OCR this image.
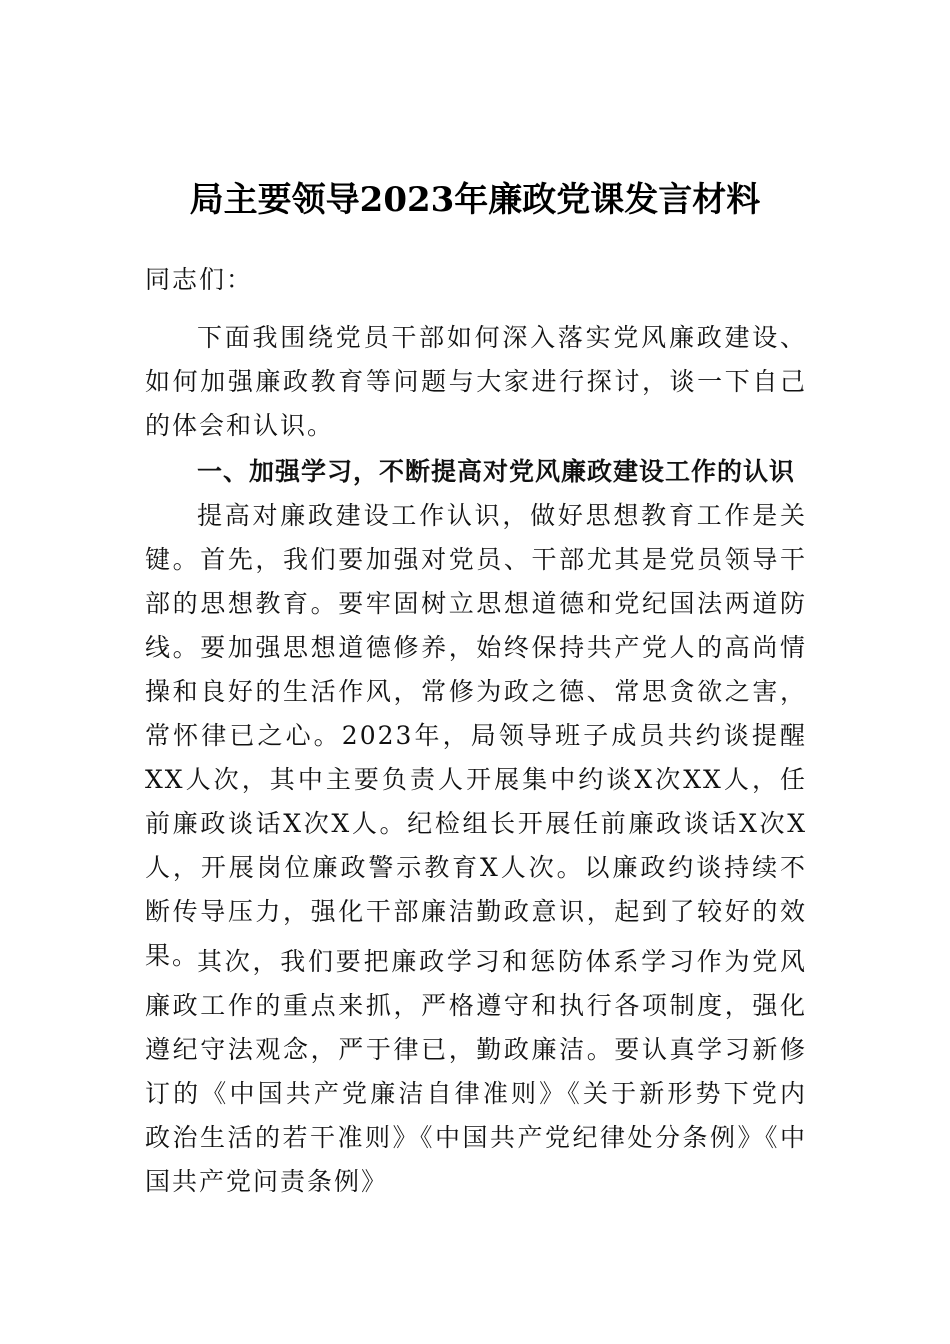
局主要领导2023年廉政党课发言材料
同志们：
下面我围绕党员干部如何深入落实党风廉政建设、如何加强廉政教育等问题与大家进行探讨，谈一下自己的体会和认识。
一、加强学习，不断提高对党风廉政建设工作的认识
提高对廉政建设工作认识，做好思想教育工作是关键。首先，我们要加强对党员、干部尤其是党员领导干部的思想教育。要牢固树立思想道德和党纪国法两道防线。要加强思想道德修养，始终保持共产党人的高尚情操和良好的生活作风，常修为政之德、常思贪欲之害，常怀律已之心。2023年，局领导班子成员共约谈提醒XX人次，其中主要负责人开展集中约谈X次XX人，任前廉政谈话X次X人。纪检组长开展任前廉政谈话X次X人，开展岗位廉政警示教育X人次。以廉政约谈持续不断传导压力，强化干部廉洁勤政意识，起到了较好的效果。
其次，我们要把廉政学习和惩防体系学习作为党风廉政工作的重点来抓，严格遵守和执行各项制度，强化遵纪守法观念，严于律已，勤政廉洁。要认真学习新修订的《中国共产党廉洁自律准则》《关于新形势下党内政治生活的若干准则》《中国共产党纪律处分条例》《中国共产党问责条例》
